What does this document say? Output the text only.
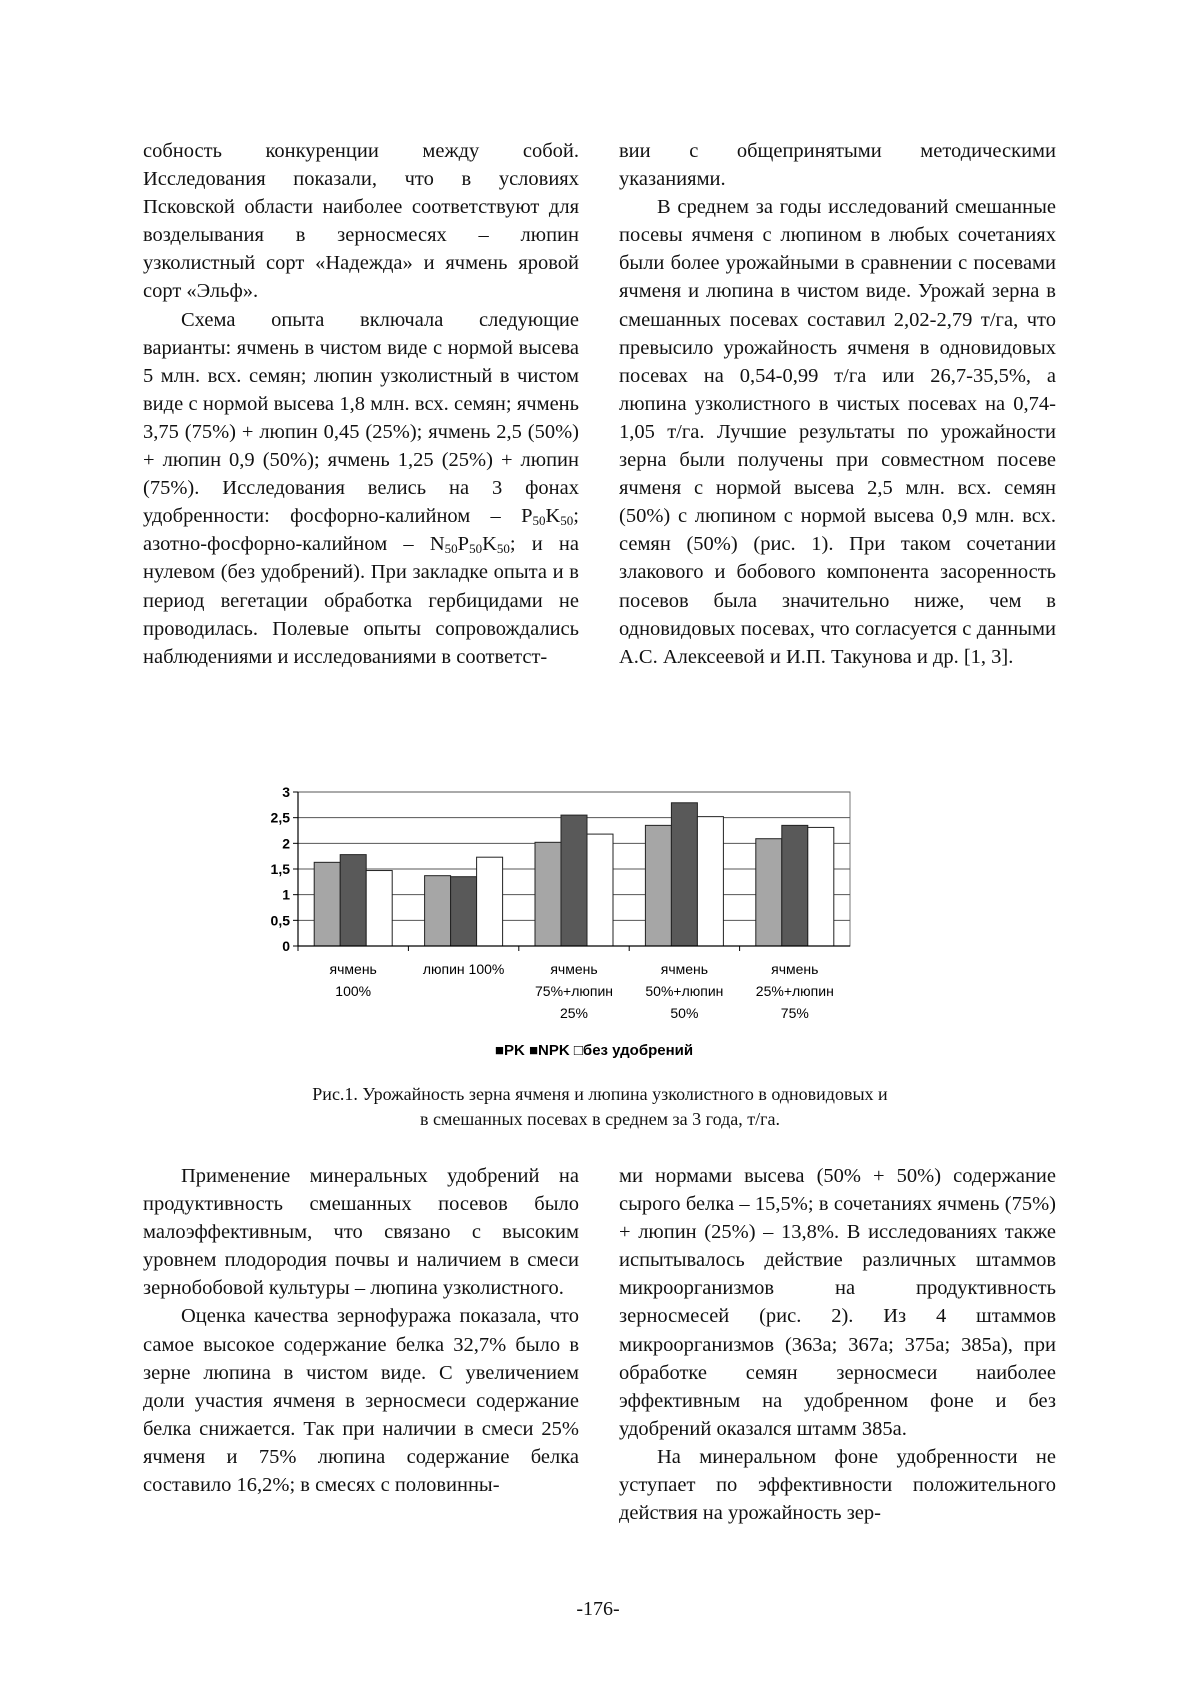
собность конкуренции между собой. Исследования показали, что в условиях Псковской области наиболее соответствуют для возделывания в зерносмесях – люпин узколистный сорт «Надежда» и ячмень яровой сорт «Эльф».

Схема опыта включала следующие варианты: ячмень в чистом виде с нормой высева 5 млн. всх. семян; люпин узколистный в чистом виде с нормой высева 1,8 млн. всх. семян; ячмень 3,75 (75%) + люпин 0,45 (25%); ячмень 2,5 (50%) + люпин 0,9 (50%); ячмень 1,25 (25%) + люпин (75%). Исследования велись на 3 фонах удобренности: фосфорно-калийном – $P_{50}K_{50}$; азотно-фосфорно-калийном – $N_{50}P_{50}K_{50}$; и на нулевом (без удобрений). При закладке опыта и в период вегетации обработка гербицидами не проводилась. Полевые опыты сопровождались наблюдениями и исследованиями в соответст-

вии с общепринятыми методическими указаниями.

В среднем за годы исследований смешанные посевы ячменя с люпином в любых сочетаниях были более урожайными в сравнении с посевами ячменя и люпина в чистом виде. Урожай зерна в смешанных посевах составил 2,02-2,79 т/га, что превысило урожайность ячменя в одновидовых посевах на 0,54-0,99 т/га или 26,7-35,5%, а люпина узколистного в чистых посевах на 0,74-1,05 т/га. Лучшие результаты по урожайности зерна были получены при совместном посеве ячменя с нормой высева 2,5 млн. всх. семян (50%) с люпином с нормой высева 0,9 млн. всх. семян (50%) (рис. 1). При таком сочетании злакового и бобового компонента засоренность посевов была значительно ниже, чем в одновидовых посевах, что согласуется с данными А.С. Алексеевой и И.П. Такунова и др. [1, 3].

0
0,5
1
1,5
2
2,5
3
ячмень
100%
люпин 100%	ячмень
75%+люпин
25%
ячмень
50%+люпин
50%
ячмень
25%+люпин
75%
■PK ■NPK □без удобрений
Рис.1. Урожайность зерна ячменя и люпина узколистного в одновидовых и
в смешанных посевах в среднем за 3 года, т/га.

Применение минеральных удобрений на продуктивность смешанных посевов было малоэффективным, что связано с высоким уровнем плодородия почвы и наличием в смеси зернобобовой культуры – люпина узколистного.

Оценка качества зернофуража показала, что самое высокое содержание белка 32,7% было в зерне люпина в чистом виде. С увеличением доли участия ячменя в зерносмеси содержание белка снижается. Так при наличии в смеси 25% ячменя и 75% люпина содержание белка составило 16,2%; в смесях с половинны-

ми нормами высева (50% + 50%) содержание сырого белка – 15,5%; в сочетаниях ячмень (75%) + люпин (25%) – 13,8%. В исследованиях также испытывалось действие различных штаммов микроорганизмов на продуктивность зерносмесей (рис. 2). Из 4 штаммов микроорганизмов (363а; 367а; 375а; 385а), при обработке семян зерносмеси наиболее эффективным на удобренном фоне и без удобрений оказался штамм 385а.

На минеральном фоне удобренности не уступает по эффективности положительного действия на урожайность зер-

-176-
